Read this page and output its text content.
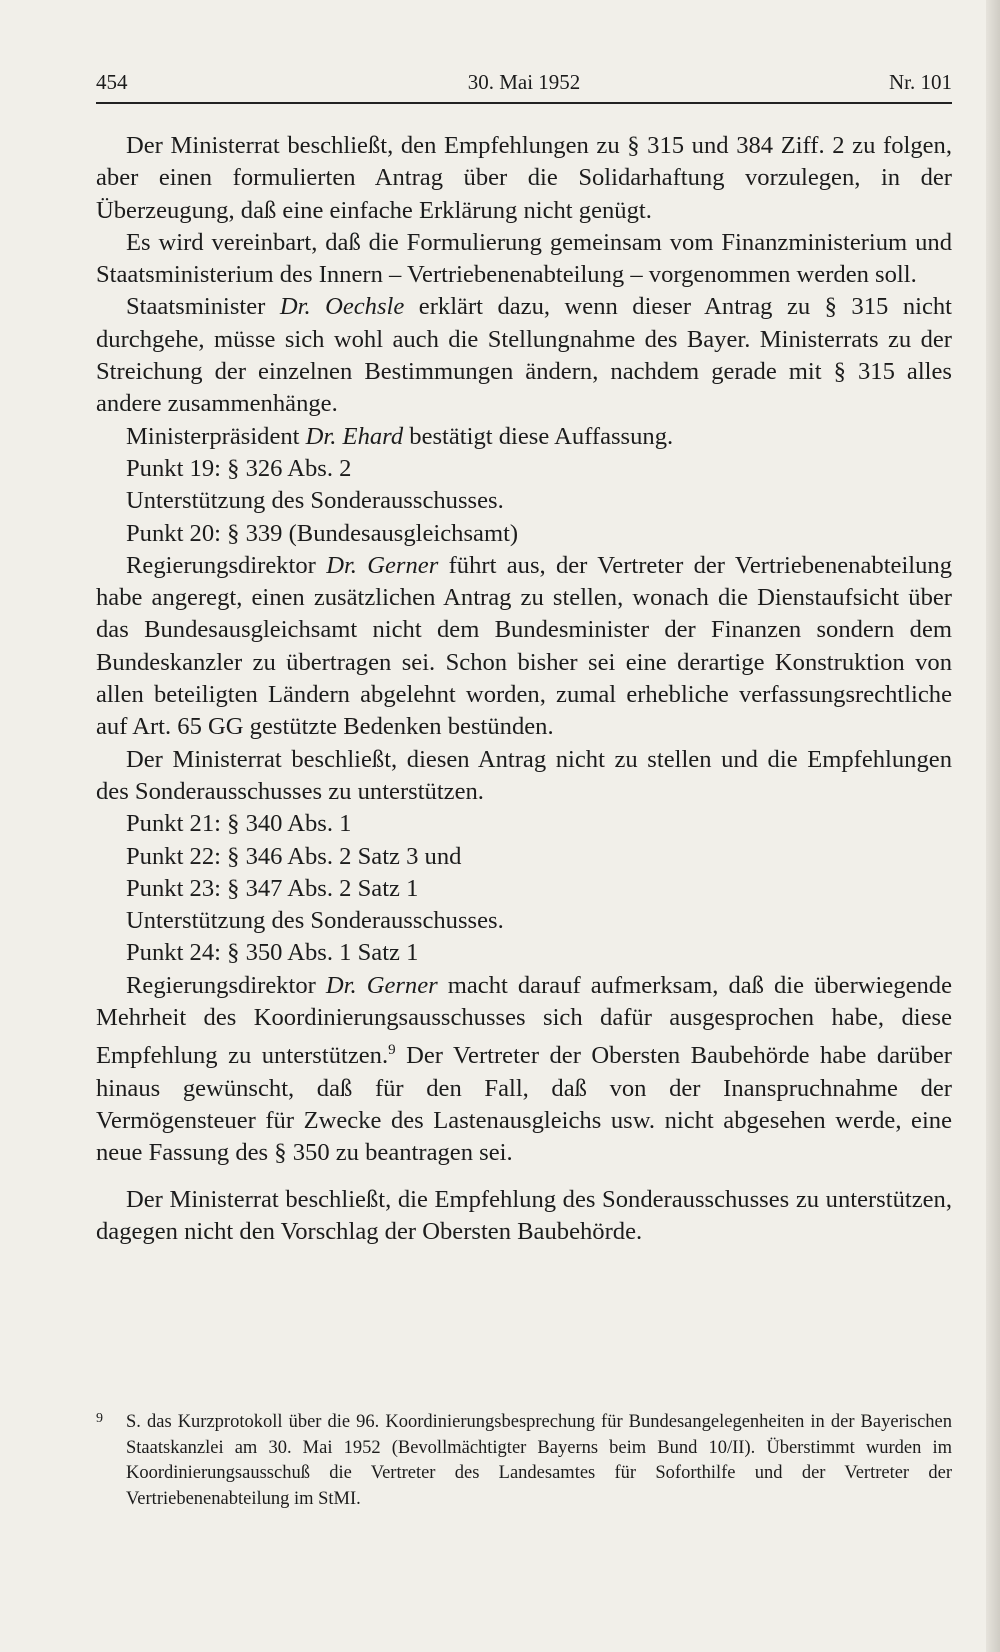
454	30. Mai 1952	Nr. 101

Der Ministerrat beschließt, den Empfehlungen zu § 315 und 384 Ziff. 2 zu folgen, aber einen formulierten Antrag über die Solidarhaftung vorzulegen, in der Überzeugung, daß eine einfache Erklärung nicht genügt.

Es wird vereinbart, daß die Formulierung gemeinsam vom Finanzministerium und Staatsministerium des Innern – Vertriebenenabteilung – vorgenommen werden soll.

Staatsminister Dr. Oechsle erklärt dazu, wenn dieser Antrag zu § 315 nicht durchgehe, müsse sich wohl auch die Stellungnahme des Bayer. Ministerrats zu der Streichung der einzelnen Bestimmungen ändern, nachdem gerade mit § 315 alles andere zusammenhänge.

Ministerpräsident Dr. Ehard bestätigt diese Auffassung.

Punkt 19: § 326 Abs. 2

Unterstützung des Sonderausschusses.

Punkt 20: § 339 (Bundesausgleichsamt)

Regierungsdirektor Dr. Gerner führt aus, der Vertreter der Vertriebenenabteilung habe angeregt, einen zusätzlichen Antrag zu stellen, wonach die Dienstaufsicht über das Bundesausgleichsamt nicht dem Bundesminister der Finanzen sondern dem Bundeskanzler zu übertragen sei. Schon bisher sei eine derartige Konstruktion von allen beteiligten Ländern abgelehnt worden, zumal erhebliche verfassungsrechtliche auf Art. 65 GG gestützte Bedenken bestünden.

Der Ministerrat beschließt, diesen Antrag nicht zu stellen und die Empfehlungen des Sonderausschusses zu unterstützen.

Punkt 21: § 340 Abs. 1

Punkt 22: § 346 Abs. 2 Satz 3 und

Punkt 23: § 347 Abs. 2 Satz 1

Unterstützung des Sonderausschusses.

Punkt 24: § 350 Abs. 1 Satz 1

Regierungsdirektor Dr. Gerner macht darauf aufmerksam, daß die überwiegende Mehrheit des Koordinierungsausschusses sich dafür ausgesprochen habe, diese Empfehlung zu unterstützen.$^9$ Der Vertreter der Obersten Baubehörde habe darüber hinaus gewünscht, daß für den Fall, daß von der Inanspruchnahme der Vermögensteuer für Zwecke des Lastenausgleichs usw. nicht abgesehen werde, eine neue Fassung des § 350 zu beantragen sei.

Der Ministerrat beschließt, die Empfehlung des Sonderausschusses zu unterstützen, dagegen nicht den Vorschlag der Obersten Baubehörde.

9	S. das Kurzprotokoll über die 96. Koordinierungsbesprechung für Bundesangelegenheiten in der Bayerischen Staatskanzlei am 30. Mai 1952 (Bevollmächtigter Bayerns beim Bund 10/II). Überstimmt wurden im Koordinierungsausschuß die Vertreter des Landesamtes für Soforthilfe und der Vertreter der Vertriebenenabteilung im StMI.
